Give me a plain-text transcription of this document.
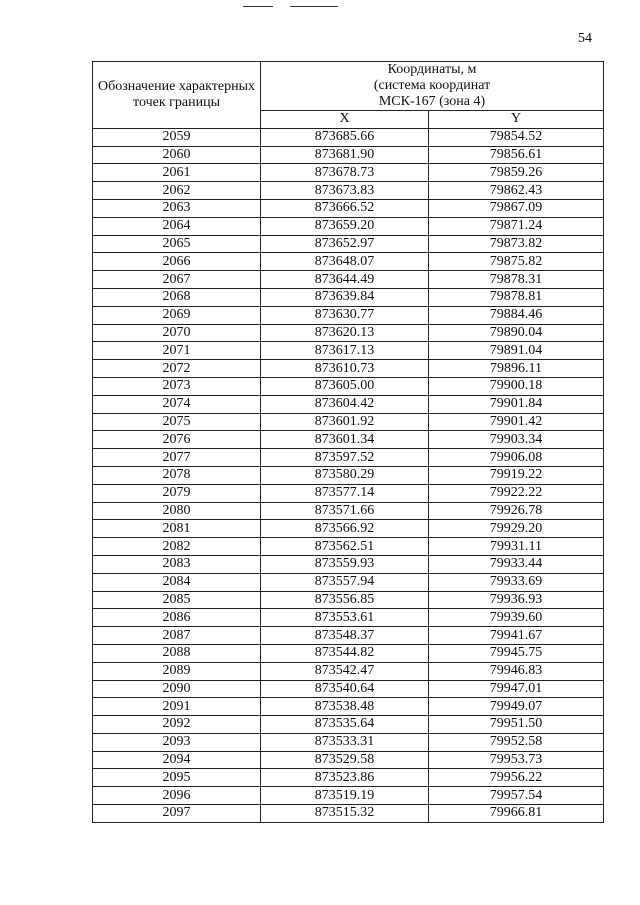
54
Обозначение характерных точек границы	Координаты, м
(система координат
МСК-167 (зона 4)	

	X	Y
2059	873685.66	79854.52
2060	873681.90	79856.61
2061	873678.73	79859.26
2062	873673.83	79862.43
2063	873666.52	79867.09
2064	873659.20	79871.24
2065	873652.97	79873.82
2066	873648.07	79875.82
2067	873644.49	79878.31
2068	873639.84	79878.81
2069	873630.77	79884.46
2070	873620.13	79890.04
2071	873617.13	79891.04
2072	873610.73	79896.11
2073	873605.00	79900.18
2074	873604.42	79901.84
2075	873601.92	79901.42
2076	873601.34	79903.34
2077	873597.52	79906.08
2078	873580.29	79919.22
2079	873577.14	79922.22
2080	873571.66	79926.78
2081	873566.92	79929.20
2082	873562.51	79931.11
2083	873559.93	79933.44
2084	873557.94	79933.69
2085	873556.85	79936.93
2086	873553.61	79939.60
2087	873548.37	79941.67
2088	873544.82	79945.75
2089	873542.47	79946.83
2090	873540.64	79947.01
2091	873538.48	79949.07
2092	873535.64	79951.50
2093	873533.31	79952.58
2094	873529.58	79953.73
2095	873523.86	79956.22
2096	873519.19	79957.54
2097	873515.32	79966.81
